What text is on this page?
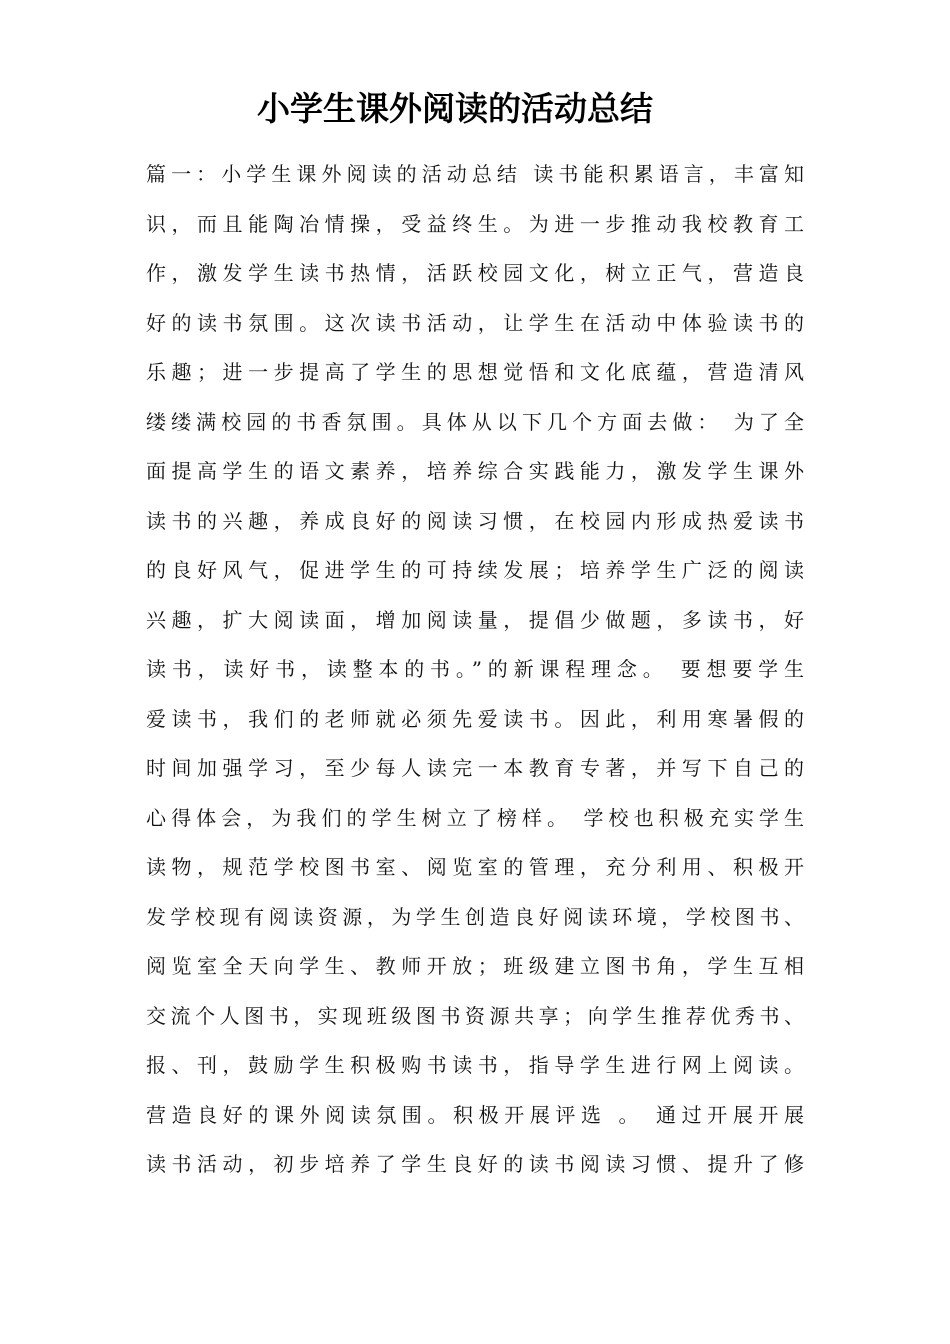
小学生课外阅读的活动总结
篇一：小学生课外阅读的活动总结 读书能积累语言，丰富知
识，而且能陶冶情操，受益终生。为进一步推动我校教育工
作，激发学生读书热情，活跃校园文化，树立正气，营造良
好的读书氛围。这次读书活动，让学生在活动中体验读书的
乐趣；进一步提高了学生的思想觉悟和文化底蕴，营造清风
缕缕满校园的书香氛围。具体从以下几个方面去做： 为了全
面提高学生的语文素养，培养综合实践能力，激发学生课外
读书的兴趣，养成良好的阅读习惯，在校园内形成热爱读书
的良好风气，促进学生的可持续发展；培养学生广泛的阅读
兴趣，扩大阅读面，增加阅读量，提倡少做题，多读书，好
读书，读好书，读整本的书。”的新课程理念。 要想要学生
爱读书，我们的老师就必须先爱读书。因此，利用寒暑假的
时间加强学习，至少每人读完一本教育专著，并写下自己的
心得体会，为我们的学生树立了榜样。 学校也积极充实学生
读物，规范学校图书室、阅览室的管理，充分利用、积极开
发学校现有阅读资源，为学生创造良好阅读环境，学校图书、
阅览室全天向学生、教师开放；班级建立图书角，学生互相
交流个人图书，实现班级图书资源共享；向学生推荐优秀书、
报、刊，鼓励学生积极购书读书，指导学生进行网上阅读。
营造良好的课外阅读氛围。积极开展评选 。 通过开展开展
读书活动，初步培养了学生良好的读书阅读习惯、提升了修
